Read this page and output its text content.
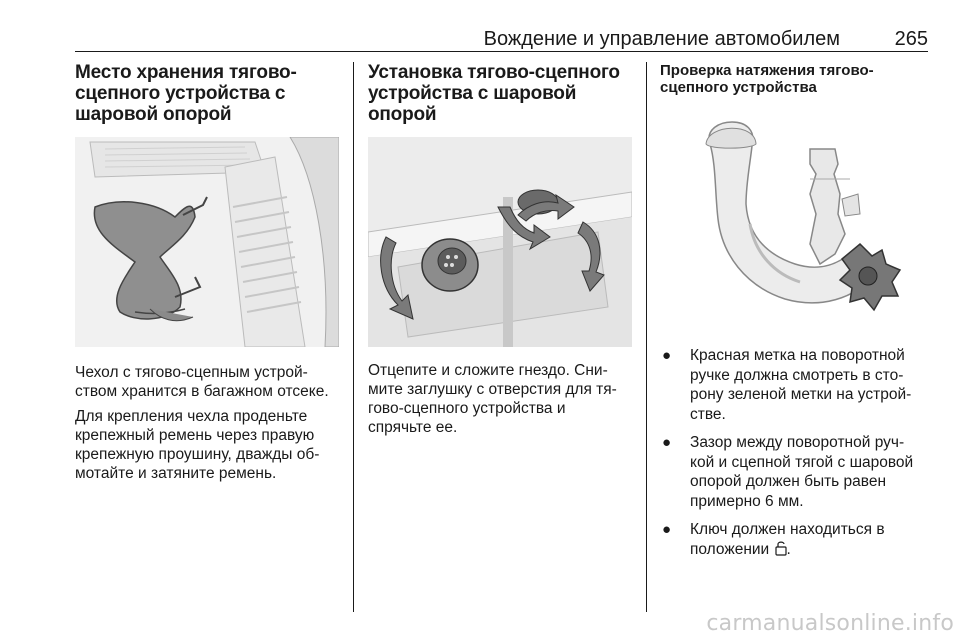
Вождение и управление автомобилем	265
Место хранения тягово-сцепного устройства с шаровой опорой

Чехол с тягово-сцепным устрой-ством хранится в багажном отсеке.

Для крепления чехла проденьте крепежный ремень через правую крепежную проушину, дважды об-мотайте и затяните ремень.

Установка тягово-сцепного устройства с шаровой опорой

Отцепите и сложите гнездо. Сни-мите заглушку с отверстия для тя-гово-сцепного устройства и спрячьте ее.

Проверка натяжения тягово-сцепного устройства
● Красная метка на поворотной ручке должна смотреть в сто-рону зеленой метки на устрой-стве.
● Зазор между поворотной руч-кой и сцепной тягой с шаровой опорой должен быть равен примерно 6 мм.
● Ключ должен находиться в положении .
carmanualsonline.info
